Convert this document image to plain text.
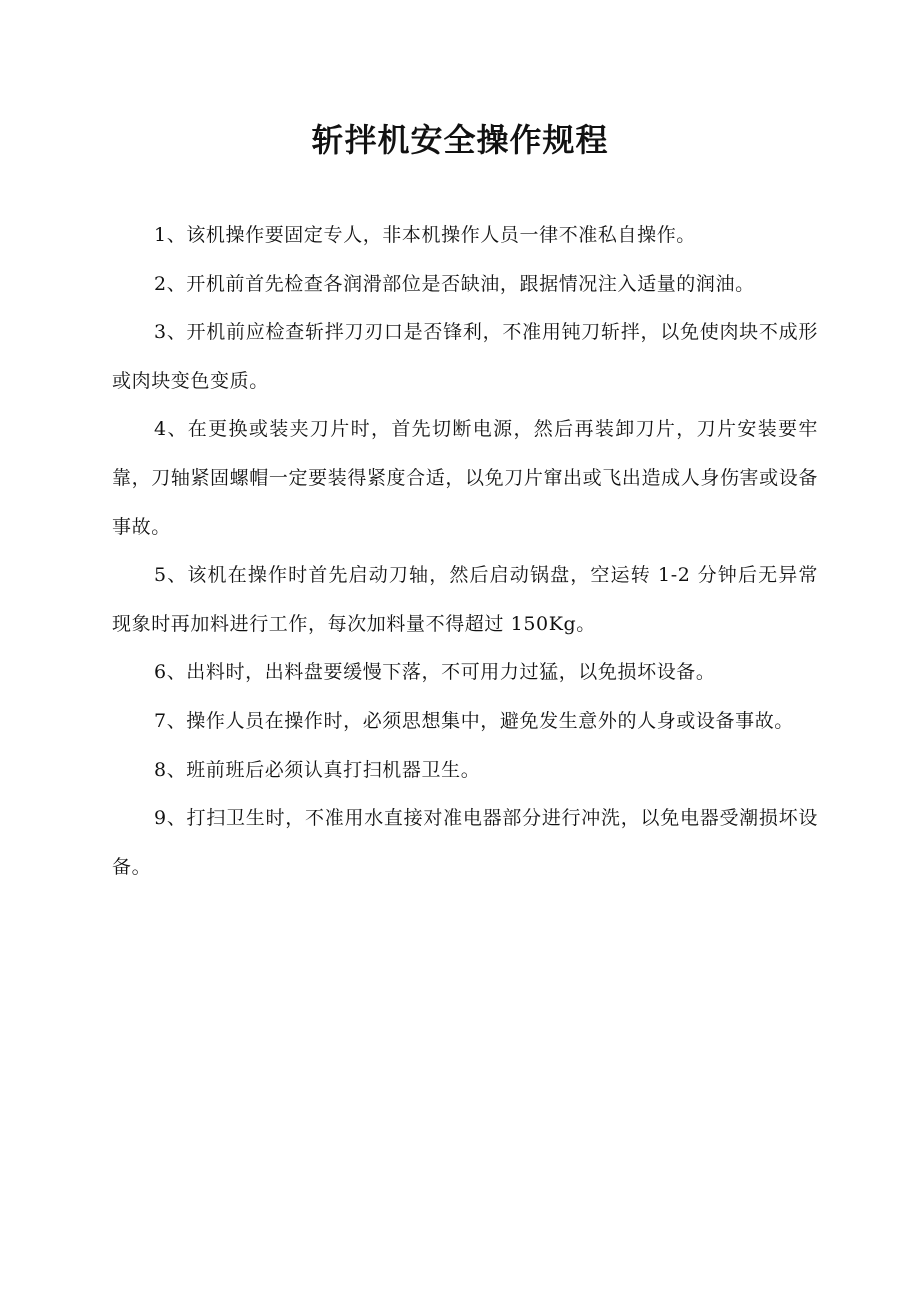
斩拌机安全操作规程

1、该机操作要固定专人，非本机操作人员一律不准私自操作。

2、开机前首先检查各润滑部位是否缺油，跟据情况注入适量的润油。

3、开机前应检查斩拌刀刃口是否锋利，不准用钝刀斩拌，以免使肉块不成形或肉块变色变质。

4、在更换或装夹刀片时，首先切断电源，然后再装卸刀片，刀片安装要牢靠，刀轴紧固螺帽一定要装得紧度合适，以免刀片窜出或飞出造成人身伤害或设备事故。

5、该机在操作时首先启动刀轴，然后启动锅盘，空运转 1-2 分钟后无异常现象时再加料进行工作，每次加料量不得超过 150Kg。

6、出料时，出料盘要缓慢下落，不可用力过猛，以免损坏设备。

7、操作人员在操作时，必须思想集中，避免发生意外的人身或设备事故。

8、班前班后必须认真打扫机器卫生。

9、打扫卫生时，不准用水直接对准电器部分进行冲洗，以免电器受潮损坏设备。
